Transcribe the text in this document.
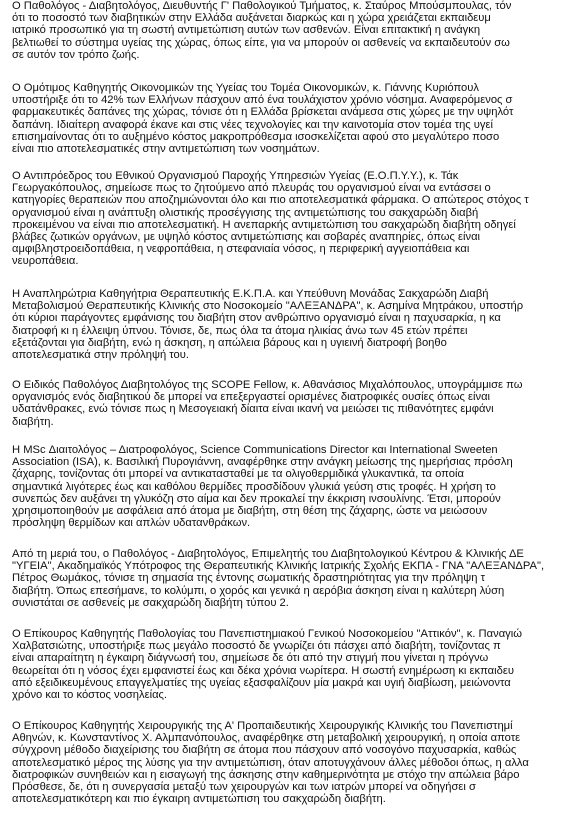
Ο Παθολόγος - Διαβητολόγος, Διευθυντής Γ' Παθολογικού Τμήματος, κ. Σταύρος Μπούσμπουλας, τόν
ότι το ποσοστό των διαβητικών στην Ελλάδα αυξάνεται διαρκώς και η χώρα χρειάζεται εκπαιδευμ
ιατρικό προσωπικό για τη σωστή αντιμετώπιση αυτών των ασθενών. Είναι επιτακτική η ανάγκη
βελτιωθεί το σύστημα υγείας της χώρας, όπως είπε, για να μπορούν οι ασθενείς να εκπαιδευτούν σω
σε αυτόν τον τρόπο ζωής.
Ο Ομότιμος Καθηγητής Οικονομικών της Υγείας του Τομέα Οικονομικών, κ. Γιάννης Κυριόπουλ
υποστήριξε ότι το 42% των Ελλήνων πάσχουν από ένα τουλάχιστον χρόνιο νόσημα. Αναφερόμενος σ
φαρμακευτικές δαπάνες της χώρας, τόνισε ότι η Ελλάδα βρίσκεται ανάμεσα στις χώρες με την υψηλότ
δαπάνη. Ιδιαίτερη αναφορά έκανε και στις νέες τεχνολογίες και την καινοτομία στον τομέα της υγεί
επισημαίνοντας ότι το αυξημένο κόστος μακροπρόθεσμα ισοσκελίζεται αφού στο μεγαλύτερο ποσο
είναι πιο αποτελεσματικές στην αντιμετώπιση των νοσημάτων.
Ο Αντιπρόεδρος του Εθνικού Οργανισμού Παροχής Υπηρεσιών Υγείας (Ε.Ο.Π.Υ.Υ.), κ. Τάκ
Γεωργακόπουλος, σημείωσε πως το ζητούμενο από πλευράς του οργανισμού είναι να εντάσσει ο
κατηγορίες θεραπειών που αποζημιώνονται όλο και πιο αποτελεσματικά φάρμακα. Ο απώτερος στόχος τ
οργανισμού είναι η ανάπτυξη ολιστικής προσέγγισης της αντιμετώπισης του σακχαρώδη διαβή
προκειμένου να είναι πιο αποτελεσματική. Η ανεπαρκής αντιμετώπιση του σακχαρώδη διαβήτη οδηγεί
βλάβες ζωτικών οργάνων, με υψηλό κόστος αντιμετώπισης και σοβαρές αναπηρίες, όπως είναι
αμφιβληστροειδοπάθεια, η νεφροπάθεια, η στεφανιαία νόσος, η περιφερική αγγειοπάθεια και
νευροπάθεια.
Η Αναπληρώτρια Καθηγήτρια Θεραπευτικής Ε.Κ.Π.Α. και Υπεύθυνη Μονάδας Σακχαρώδη Διαβή
Μεταβολισμού Θεραπευτικής Κλινικής στο Νοσοκομείο "ΑΛΕΞΑΝΔΡΑ", κ. Ασημίνα Μητράκου, υποστήρ
ότι κύριοι παράγοντες εμφάνισης του διαβήτη στον ανθρώπινο οργανισμό είναι η παχυσαρκία, η κα
διατροφή κι η έλλειψη ύπνου. Τόνισε, δε, πως όλα τα άτομα ηλικίας άνω των 45 ετών πρέπει
εξετάζονται για διαβήτη, ενώ η άσκηση, η απώλεια βάρους και η υγιεινή διατροφή βοηθο
αποτελεσματικά στην πρόληψή του.
Ο Ειδικός Παθολόγος Διαβητολόγος της SCOPE Fellow, κ. Αθανάσιος Μιχαλόπουλος, υπογράμμισε πω
οργανισμός ενός διαβητικού δε μπορεί να επεξεργαστεί ορισμένες διατροφικές ουσίες όπως είναι
υδατάνθρακες, ενώ τόνισε πως η Μεσογειακή δίαιτα είναι ικανή να μειώσει τις πιθανότητες εμφάνι
διαβήτη.
Η MSc Διαιτολόγος – Διατροφολόγος, Science Communications Director και International Sweeten
Association (ISA), κ. Βασιλική Πυρογιάννη, αναφέρθηκε στην ανάγκη μείωσης της ημερήσιας πρόσλη
ζάχαρης, τονίζοντας ότι μπορεί να αντικατασταθεί με τα ολιγοθερμιδικά γλυκαντικά, τα οποία
σημαντικά λιγότερες έως και καθόλου θερμίδες προσδίδουν γλυκιά γεύση στις τροφές. Η χρήση το
συνεπώς δεν αυξάνει τη γλυκόζη στο αίμα και δεν προκαλεί την έκκριση ινσουλίνης. Έτσι, μπορούν
χρησιμοποιηθούν με ασφάλεια από άτομα με διαβήτη, στη θέση της ζάχαρης, ώστε να μειώσουν
πρόσληψη θερμίδων και απλών υδατανθράκων.
Από τη μεριά του, ο Παθολόγος - Διαβητολόγος, Επιμελητής του Διαβητολογικού Κέντρου & Κλινικής ΔΕ
"ΥΓΕΙΑ", Ακαδημαϊκός Υπότροφος της Θεραπευτικής Κλινικής Ιατρικής Σχολής ΕΚΠΑ - ΓΝΑ "ΑΛΕΞΑΝΔΡΑ",
Πέτρος Θωμάκος, τόνισε τη σημασία της έντονης σωματικής δραστηριότητας για την πρόληψη τ
διαβήτη. Όπως επεσήμανε, το κολύμπι, ο χορός και γενικά η αερόβια άσκηση είναι η καλύτερη λύση
συνιστάται σε ασθενείς με σακχαρώδη διαβήτη τύπου 2.
Ο Επίκουρος Καθηγητής Παθολογίας του Πανεπιστημιακού Γενικού Νοσοκομείου "Αττικόν", κ. Παναγιώ
Χαλβατσιώτης, υποστήριξε πως μεγάλο ποσοστό δε γνωρίζει ότι πάσχει από διαβήτη, τονίζοντας π
είναι απαραίτητη η έγκαιρη διάγνωσή του, σημείωσε δε ότι από την στιγμή που γίνεται η πρόγνω
θεωρείται ότι η νόσος έχει εμφανιστεί έως και δέκα χρόνια νωρίτερα. Η σωστή ενημέρωση κι εκπαιδευ
από εξειδικευμένους επαγγελματίες της υγείας εξασφαλίζουν μία μακρά και υγιή διαβίωση, μειώνοντα
χρόνο και το κόστος νοσηλείας.
Ο Επίκουρος Καθηγητής Χειρουργικής της Α' Προπαιδευτικής Χειρουργικής Κλινικής του Πανεπιστημί
Αθηνών, κ. Κωνσταντίνος Χ. Αλμπανόπουλος, αναφέρθηκε στη μεταβολική χειρουργική, η οποία αποτε
σύγχρονη μέθοδο διαχείρισης του διαβήτη σε άτομα που πάσχουν από νοσογόνο παχυσαρκία, καθώς
αποτελεσματικό μέρος της λύσης για την αντιμετώπιση, όταν αποτυγχάνουν άλλες μέθοδοι όπως, η αλλα
διατροφικών συνηθειών και η εισαγωγή της άσκησης στην καθημερινότητα με στόχο την απώλεια βάρο
Πρόσθεσε, δε, ότι η συνεργασία μεταξύ των χειρουργών και των ιατρών μπορεί να οδηγήσει σ
αποτελεσματικότερη και πιο έγκαιρη αντιμετώπιση του σακχαρώδη διαβήτη.
